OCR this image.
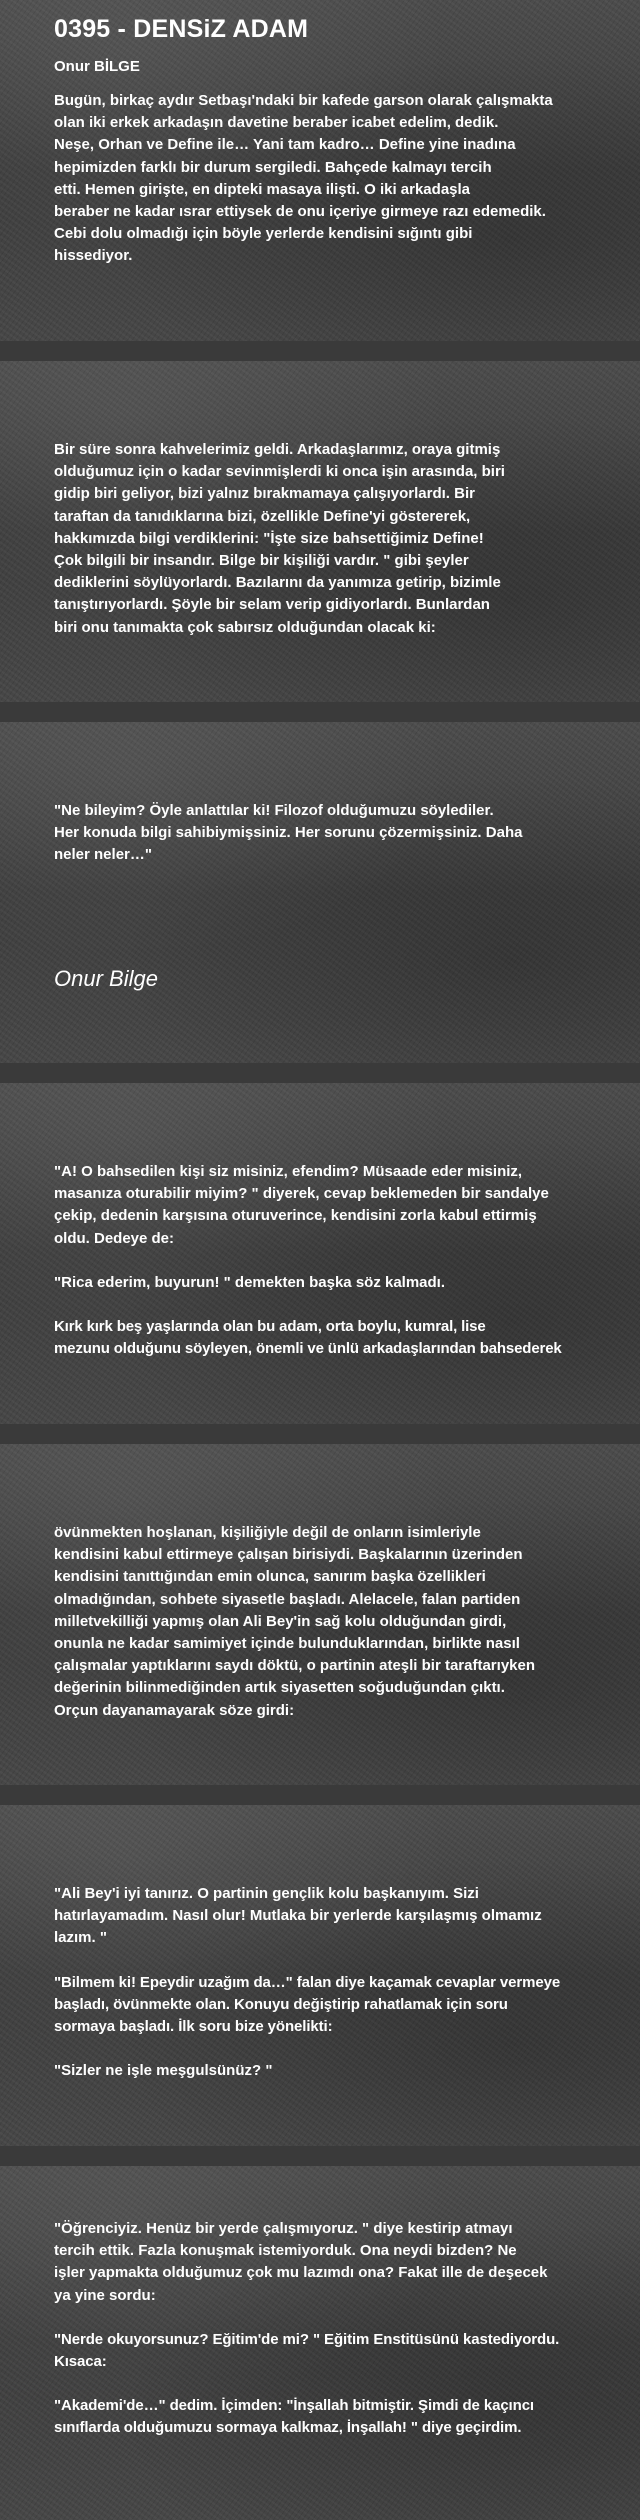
0395 - DENSiZ ADAM
Onur BİLGE

Bugün, birkaç aydır Setbaşı'ndaki bir kafede garson olarak çalışmakta
olan iki erkek arkadaşın davetine beraber icabet edelim, dedik.
Neşe, Orhan ve Define ile… Yani tam kadro… Define yine inadına
hepimizden farklı bir durum sergiledi. Bahçede kalmayı tercih
etti. Hemen girişte, en dipteki masaya ilişti. O iki arkadaşla
beraber ne kadar ısrar ettiysek de onu içeriye girmeye razı edemedik.
Cebi dolu olmadığı için böyle yerlerde kendisini sığıntı gibi
hissediyor.

Bir süre sonra kahvelerimiz geldi. Arkadaşlarımız, oraya gitmiş
olduğumuz için o kadar sevinmişlerdi ki onca işin arasında, biri
gidip biri geliyor, bizi yalnız bırakmamaya çalışıyorlardı. Bir
taraftan da tanıdıklarına bizi, özellikle Define'yi göstererek,
hakkımızda bilgi verdiklerini: "İşte size bahsettiğimiz Define!
Çok bilgili bir insandır. Bilge bir kişiliği vardır. " gibi şeyler
dediklerini söylüyorlardı. Bazılarını da yanımıza getirip, bizimle
tanıştırıyorlardı. Şöyle bir selam verip gidiyorlardı. Bunlardan
biri onu tanımakta çok sabırsız olduğundan olacak ki:

"Ne bileyim? Öyle anlattılar ki! Filozof olduğumuzu söylediler.
Her konuda bilgi sahibiymişsiniz. Her sorunu çözermişsiniz. Daha
neler neler…"

Onur Bilge

"A! O bahsedilen kişi siz misiniz, efendim? Müsaade eder misiniz,
masanıza oturabilir miyim? " diyerek, cevap beklemeden bir sandalye
çekip, dedenin karşısına oturuverince, kendisini zorla kabul ettirmiş
oldu. Dedeye de:

"Rica ederim, buyurun! " demekten başka söz kalmadı.

Kırk kırk beş yaşlarında olan bu adam, orta boylu, kumral, lise
mezunu olduğunu söyleyen, önemli ve ünlü arkadaşlarından bahsederek

övünmekten hoşlanan, kişiliğiyle değil de onların isimleriyle
kendisini kabul ettirmeye çalışan birisiydi. Başkalarının üzerinden
kendisini tanıttığından emin olunca, sanırım başka özellikleri
olmadığından, sohbete siyasetle başladı. Alelacele, falan partiden
milletvekilliği yapmış olan Ali Bey'in sağ kolu olduğundan girdi,
onunla ne kadar samimiyet içinde bulunduklarından, birlikte nasıl
çalışmalar yaptıklarını saydı döktü, o partinin ateşli bir taraftarıyken
değerinin bilinmediğinden artık siyasetten soğuduğundan çıktı.
Orçun dayanamayarak söze girdi:

"Ali Bey'i iyi tanırız. O partinin gençlik kolu başkanıyım. Sizi
hatırlayamadım. Nasıl olur! Mutlaka bir yerlerde karşılaşmış olmamız
lazım. "

"Bilmem ki! Epeydir uzağım da…" falan diye kaçamak cevaplar vermeye
başladı, övünmekte olan. Konuyu değiştirip rahatlamak için soru
sormaya başladı. İlk soru bize yönelikti:

"Sizler ne işle meşgulsünüz? "

"Öğrenciyiz. Henüz bir yerde çalışmıyoruz. " diye kestirip atmayı
tercih ettik. Fazla konuşmak istemiyorduk. Ona neydi bizden? Ne
işler yapmakta olduğumuz çok mu lazımdı ona? Fakat ille de deşecek
ya yine sordu:

"Nerde okuyorsunuz? Eğitim'de mi? " Eğitim Enstitüsünü kastediyordu.
Kısaca:

"Akademi'de…" dedim. İçimden: "İnşallah bitmiştir. Şimdi de kaçıncı
sınıflarda olduğumuzu sormaya kalkmaz, İnşallah! " diye geçirdim.
